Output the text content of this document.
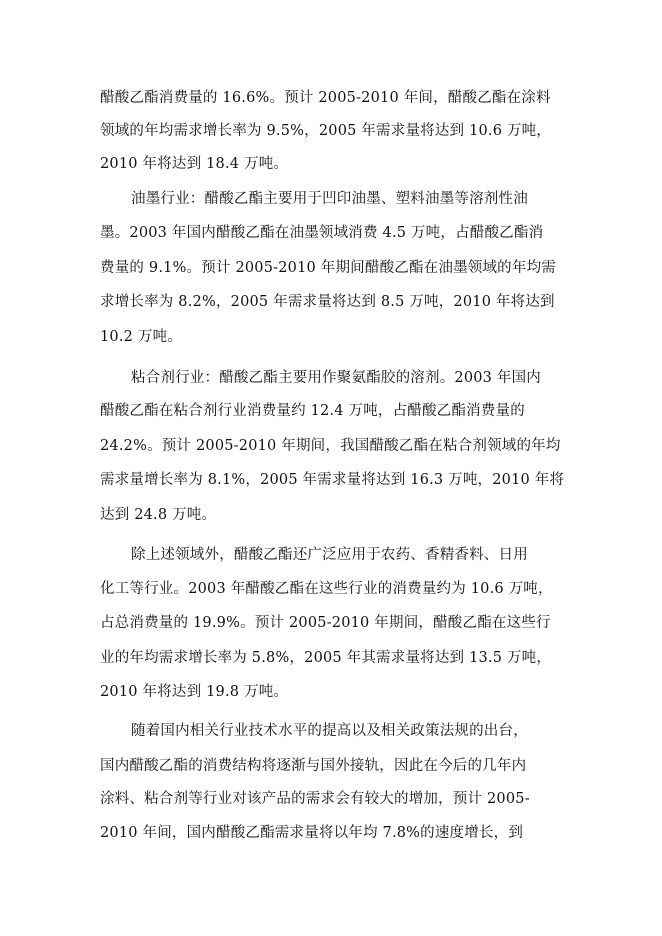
醋酸乙酯消费量的 16.6%。预计 2005-2010 年间，醋酸乙酯在涂料
领域的年均需求增长率为 9.5%，2005 年需求量将达到 10.6 万吨，
2010 年将达到 18.4 万吨。
油墨行业：醋酸乙酯主要用于凹印油墨、塑料油墨等溶剂性油
墨。2003 年国内醋酸乙酯在油墨领域消费 4.5 万吨，占醋酸乙酯消
费量的 9.1%。预计 2005-2010 年期间醋酸乙酯在油墨领域的年均需
求增长率为 8.2%，2005 年需求量将达到 8.5 万吨，2010 年将达到
10.2 万吨。
粘合剂行业：醋酸乙酯主要用作聚氨酯胶的溶剂。2003 年国内
醋酸乙酯在粘合剂行业消费量约 12.4 万吨，占醋酸乙酯消费量的
24.2%。预计 2005-2010 年期间，我国醋酸乙酯在粘合剂领域的年均
需求量增长率为 8.1%，2005 年需求量将达到 16.3 万吨，2010 年将
达到 24.8 万吨。
除上述领域外，醋酸乙酯还广泛应用于农药、香精香料、日用
化工等行业。2003 年醋酸乙酯在这些行业的消费量约为 10.6 万吨，
占总消费量的 19.9%。预计 2005-2010 年期间，醋酸乙酯在这些行
业的年均需求增长率为 5.8%，2005 年其需求量将达到 13.5 万吨，
2010 年将达到 19.8 万吨。
随着国内相关行业技术水平的提高以及相关政策法规的出台，
国内醋酸乙酯的消费结构将逐渐与国外接轨，因此在今后的几年内
涂料、粘合剂等行业对该产品的需求会有较大的增加，预计 2005-
2010 年间，国内醋酸乙酯需求量将以年均 7.8%的速度增长，到
